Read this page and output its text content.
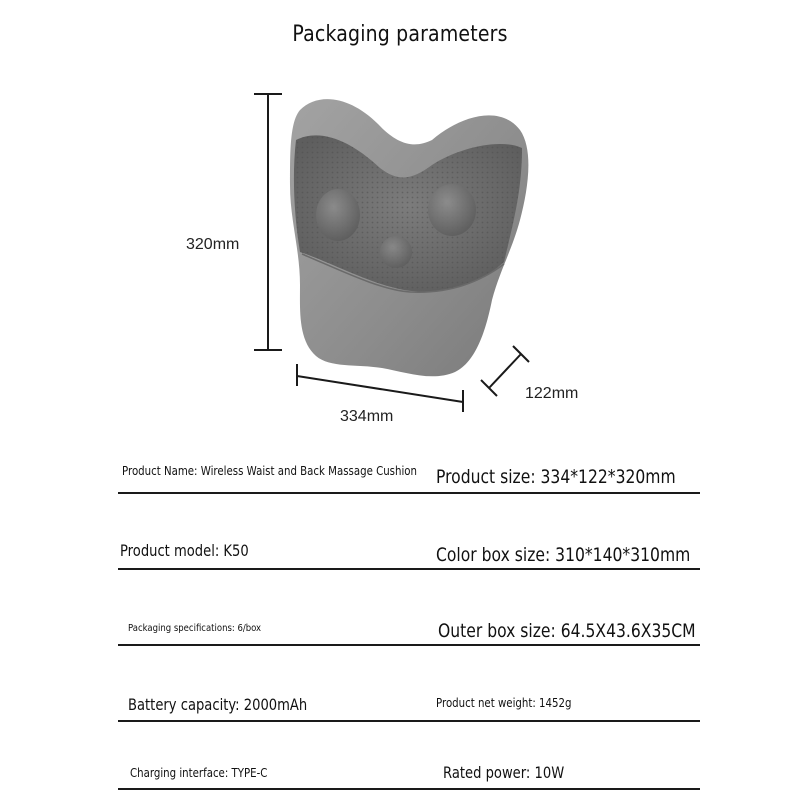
Packaging parameters
320mm
334mm
122mm
Product Name: Wireless Waist and Back Massage Cushion Product size: 334*122*320mm
Product model: K50	Color box size: 310*140*310mm
Packaging specifications: 6/box	Outer box size: 64.5X43.6X35CM
Battery capacity: 2000mAh	Product net weight: 1452g
Charging interface: TYPE-C	Rated power: 10W
